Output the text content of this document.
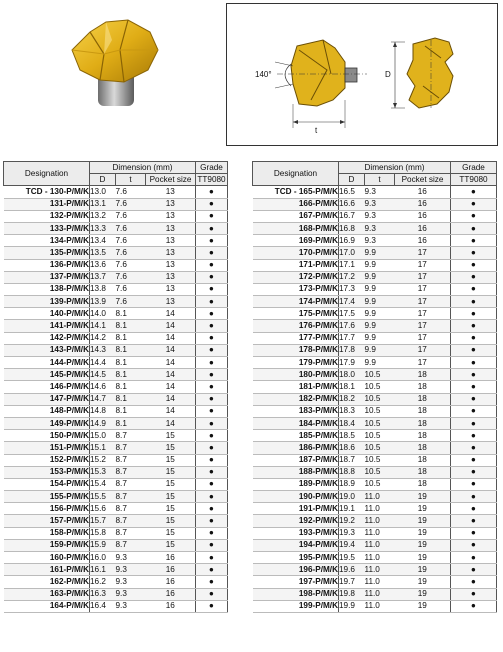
140°
t
D
Designation	Dimension (mm)			Grade
	D	t	Pocket size	TT9080
TCD - 130-P/M/K	13.0	7.6	13	●
131-P/M/K	13.1	7.6	13	●
132-P/M/K	13.2	7.6	13	●
133-P/M/K	13.3	7.6	13	●
134-P/M/K	13.4	7.6	13	●
135-P/M/K	13.5	7.6	13	●
136-P/M/K	13.6	7.6	13	●
137-P/M/K	13.7	7.6	13	●
138-P/M/K	13.8	7.6	13	●
139-P/M/K	13.9	7.6	13	●
140-P/M/K	14.0	8.1	14	●
141-P/M/K	14.1	8.1	14	●
142-P/M/K	14.2	8.1	14	●
143-P/M/K	14.3	8.1	14	●
144-P/M/K	14.4	8.1	14	●
145-P/M/K	14.5	8.1	14	●
146-P/M/K	14.6	8.1	14	●
147-P/M/K	14.7	8.1	14	●
148-P/M/K	14.8	8.1	14	●
149-P/M/K	14.9	8.1	14	●
150-P/M/K	15.0	8.7	15	●
151-P/M/K	15.1	8.7	15	●
152-P/M/K	15.2	8.7	15	●
153-P/M/K	15.3	8.7	15	●
154-P/M/K	15.4	8.7	15	●
155-P/M/K	15.5	8.7	15	●
156-P/M/K	15.6	8.7	15	●
157-P/M/K	15.7	8.7	15	●
158-P/M/K	15.8	8.7	15	●
159-P/M/K	15.9	8.7	15	●
160-P/M/K	16.0	9.3	16	●
161-P/M/K	16.1	9.3	16	●
162-P/M/K	16.2	9.3	16	●
163-P/M/K	16.3	9.3	16	●
164-P/M/K	16.4	9.3	16	●
Designation	Dimension (mm)			Grade
	D	t	Pocket size	TT9080
TCD - 165-P/M/K	16.5	9.3	16	●
166-P/M/K	16.6	9.3	16	●
167-P/M/K	16.7	9.3	16	●
168-P/M/K	16.8	9.3	16	●
169-P/M/K	16.9	9.3	16	●
170-P/M/K	17.0	9.9	17	●
171-P/M/K	17.1	9.9	17	●
172-P/M/K	17.2	9.9	17	●
173-P/M/K	17.3	9.9	17	●
174-P/M/K	17.4	9.9	17	●
175-P/M/K	17.5	9.9	17	●
176-P/M/K	17.6	9.9	17	●
177-P/M/K	17.7	9.9	17	●
178-P/M/K	17.8	9.9	17	●
179-P/M/K	17.9	9.9	17	●
180-P/M/K	18.0	10.5	18	●
181-P/M/K	18.1	10.5	18	●
182-P/M/K	18.2	10.5	18	●
183-P/M/K	18.3	10.5	18	●
184-P/M/K	18.4	10.5	18	●
185-P/M/K	18.5	10.5	18	●
186-P/M/K	18.6	10.5	18	●
187-P/M/K	18.7	10.5	18	●
188-P/M/K	18.8	10.5	18	●
189-P/M/K	18.9	10.5	18	●
190-P/M/K	19.0	11.0	19	●
191-P/M/K	19.1	11.0	19	●
192-P/M/K	19.2	11.0	19	●
193-P/M/K	19.3	11.0	19	●
194-P/M/K	19.4	11.0	19	●
195-P/M/K	19.5	11.0	19	●
196-P/M/K	19.6	11.0	19	●
197-P/M/K	19.7	11.0	19	●
198-P/M/K	19.8	11.0	19	●
199-P/M/K	19.9	11.0	19	●
